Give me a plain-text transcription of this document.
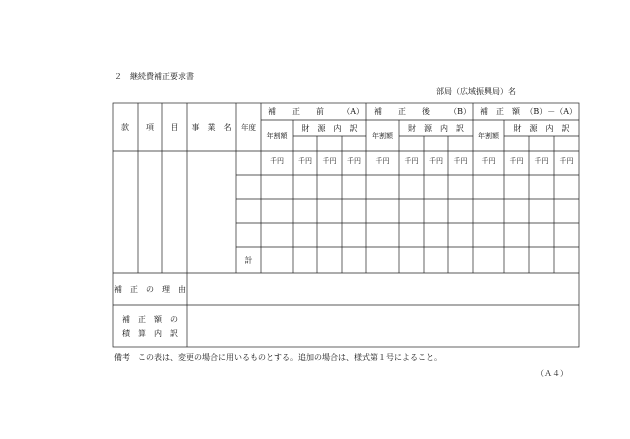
２　継続費補正要求書
部局（広域振興局）名
款 項 目 事　業　名 年度
補　　正　　前 （A）
年割額
財　源　内　訳
補　　正　　後 （B）
年割額
財　源　内　訳
補　正　額 （B）－（A）
年割額
財　源　内　訳
千円 千円 千円 千円 千円 千円 千円 千円 千円 千円 千円 千円
計
補　正　の　理　由
補　正　額　の
積　算　内　訳
備考　この表は、変更の場合に用いるものとする。追加の場合は、様式第１号によること。
（Ａ４）
